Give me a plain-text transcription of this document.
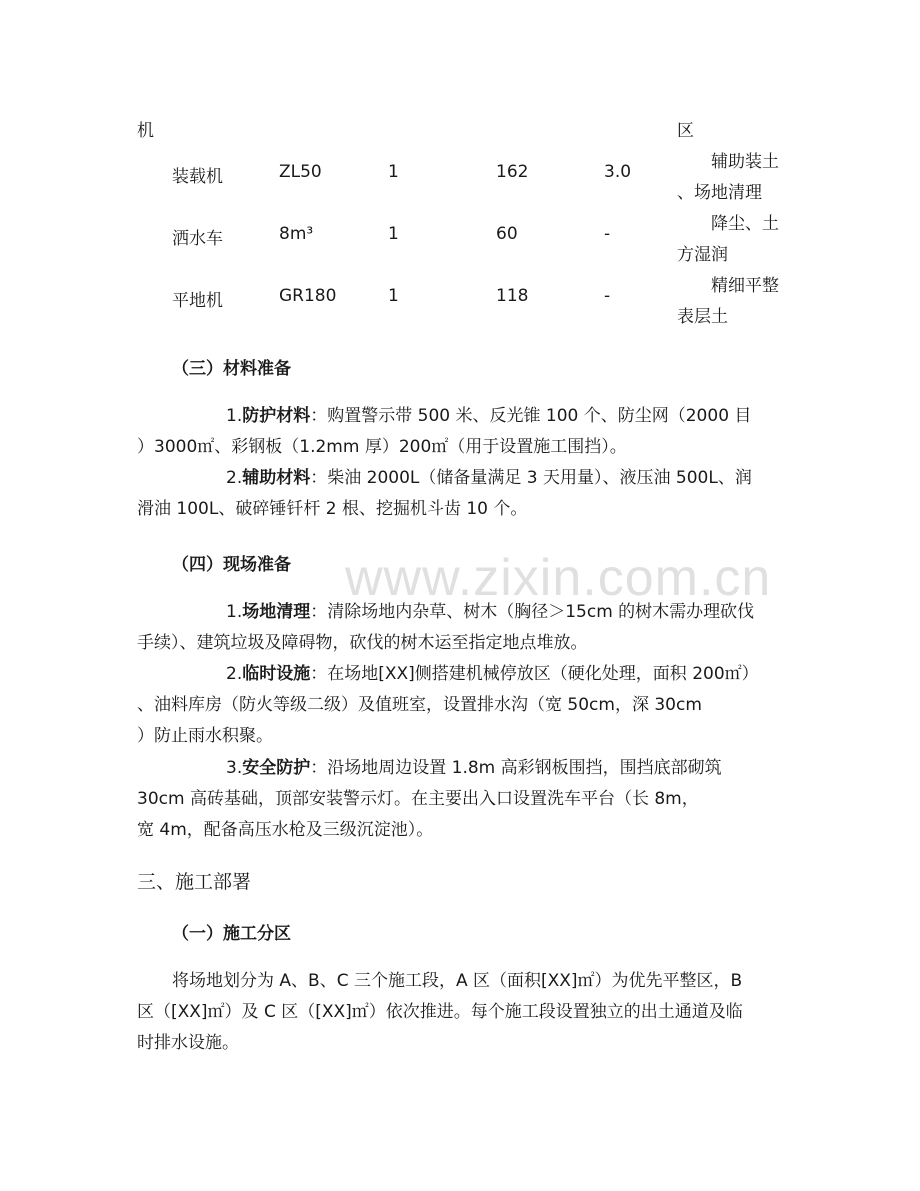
www.zixin.com.cn
机	区
装载机	ZL50	1	162	3.0	辅助装土
、场地清理
洒水车	8m³	1	60	-	降尘、土
方湿润
平地机	GR180	1	118	-	精细平整
表层土
（三）材料准备
1.防护材料：购置警示带 500 米、反光锥 100 个、防尘网（2000 目
）3000㎡、彩钢板（1.2mm 厚）200㎡（用于设置施工围挡）。
2.辅助材料：柴油 2000L（储备量满足 3 天用量）、液压油 500L、润
滑油 100L、破碎锤钎杆 2 根、挖掘机斗齿 10 个。
（四）现场准备
1.场地清理：清除场地内杂草、树木（胸径＞15cm 的树木需办理砍伐
手续）、建筑垃圾及障碍物，砍伐的树木运至指定地点堆放。
2.临时设施：在场地[XX]侧搭建机械停放区（硬化处理，面积 200㎡）
、油料库房（防火等级二级）及值班室，设置排水沟（宽 50cm，深 30cm
）防止雨水积聚。
3.安全防护：沿场地周边设置 1.8m 高彩钢板围挡，围挡底部砌筑
30cm 高砖基础，顶部安装警示灯。在主要出入口设置洗车平台（长 8m，
宽 4m，配备高压水枪及三级沉淀池）。
三、施工部署
（一）施工分区
将场地划分为 A、B、C 三个施工段，A 区（面积[XX]㎡）为优先平整区，B
区（[XX]㎡）及 C 区（[XX]㎡）依次推进。每个施工段设置独立的出土通道及临
时排水设施。
